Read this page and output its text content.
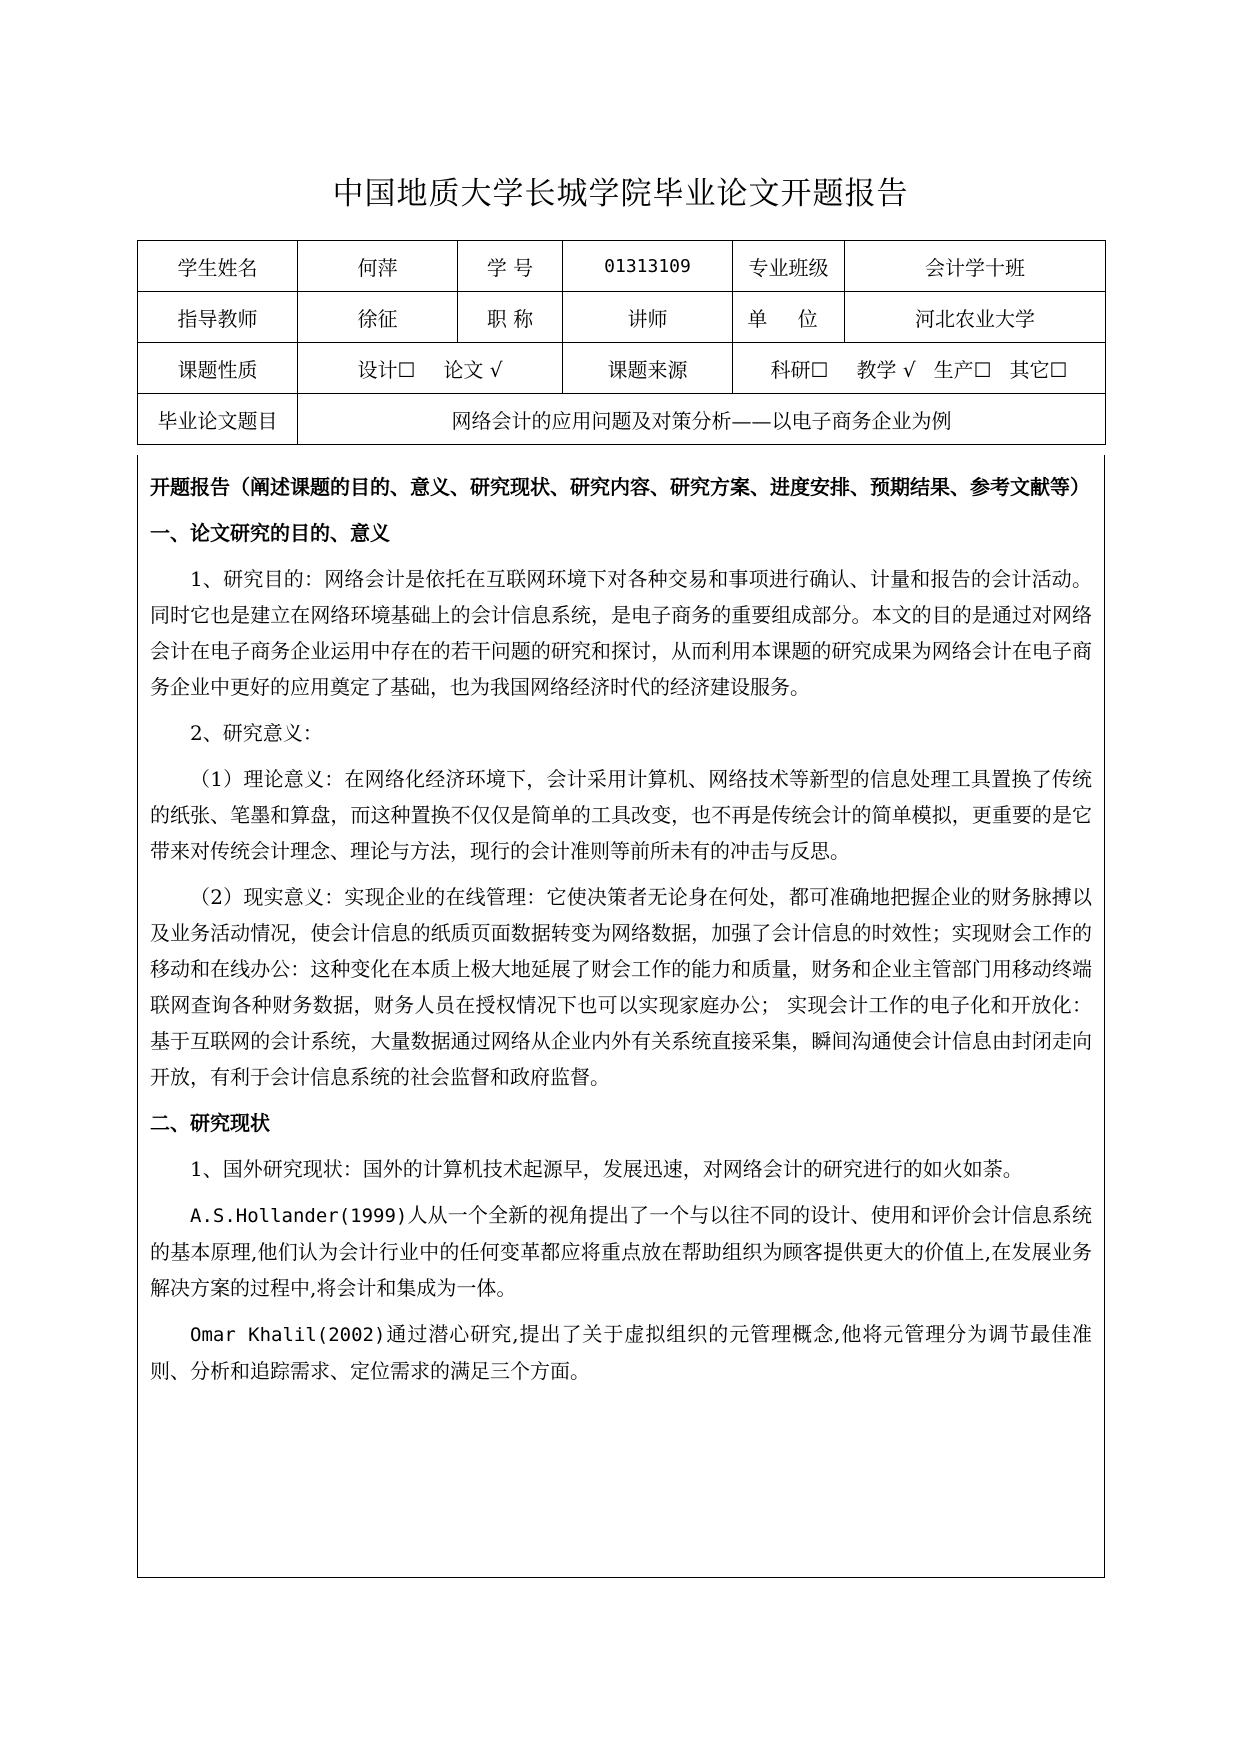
中国地质大学长城学院毕业论文开题报告
学生姓名	何萍	学 号	01313109	专业班级	会计学十班
指导教师	徐征	职 称	讲师	单 位	河北农业大学
课题性质	设计☐ 论文 √		课题来源	科研☐ 教学 √ 生产☐ 其它☐	
毕业论文题目	网络会计的应用问题及对策分析——以电子商务企业为例				

开题报告（阐述课题的目的、意义、研究现状、研究内容、研究方案、进度安排、预期结果、参考文献等）

一、论文研究的目的、意义

1、研究目的：网络会计是依托在互联网环境下对各种交易和事项进行确认、计量和报告的会计活动。同时它也是建立在网络环境基础上的会计信息系统，是电子商务的重要组成部分。本文的目的是通过对网络会计在电子商务企业运用中存在的若干问题的研究和探讨，从而利用本课题的研究成果为网络会计在电子商务企业中更好的应用奠定了基础，也为我国网络经济时代的经济建设服务。

2、研究意义：

（1）理论意义：在网络化经济环境下，会计采用计算机、网络技术等新型的信息处理工具置换了传统的纸张、笔墨和算盘，而这种置换不仅仅是简单的工具改变，也不再是传统会计的简单模拟，更重要的是它带来对传统会计理念、理论与方法，现行的会计准则等前所未有的冲击与反思。

（2）现实意义：实现企业的在线管理：它使决策者无论身在何处，都可准确地把握企业的财务脉搏以及业务活动情况，使会计信息的纸质页面数据转变为网络数据，加强了会计信息的时效性；实现财会工作的移动和在线办公：这种变化在本质上极大地延展了财会工作的能力和质量，财务和企业主管部门用移动终端联网查询各种财务数据，财务人员在授权情况下也可以实现家庭办公； 实现会计工作的电子化和开放化：基于互联网的会计系统，大量数据通过网络从企业内外有关系统直接采集，瞬间沟通使会计信息由封闭走向开放，有利于会计信息系统的社会监督和政府监督。

二、研究现状

1、国外研究现状：国外的计算机技术起源早，发展迅速，对网络会计的研究进行的如火如荼。

A.S.Hollander(1999)人从一个全新的视角提出了一个与以往不同的设计、使用和评价会计信息系统的基本原理,他们认为会计行业中的任何变革都应将重点放在帮助组织为顾客提供更大的价值上,在发展业务解决方案的过程中,将会计和集成为一体。

Omar Khalil(2002)通过潜心研究,提出了关于虚拟组织的元管理概念,他将元管理分为调节最佳准则、分析和追踪需求、定位需求的满足三个方面。
